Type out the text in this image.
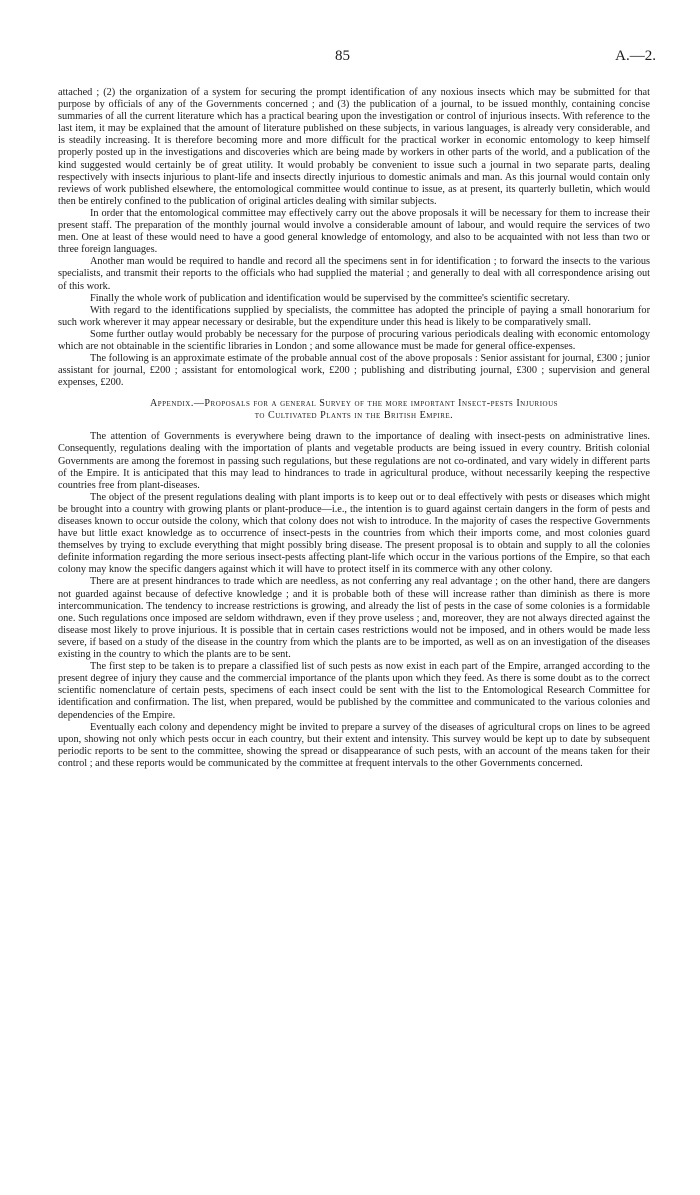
85	A.—2.

attached ; (2) the organization of a system for securing the prompt identification of any noxious insects which may be submitted for that purpose by officials of any of the Governments concerned ; and (3) the publication of a journal, to be issued monthly, containing concise summaries of all the current literature which has a practical bearing upon the investigation or control of injurious insects. With reference to the last item, it may be explained that the amount of literature published on these subjects, in various languages, is already very considerable, and is steadily increasing. It is therefore becoming more and more difficult for the practical worker in economic entomology to keep himself properly posted up in the investigations and discoveries which are being made by workers in other parts of the world, and a publication of the kind suggested would certainly be of great utility. It would probably be convenient to issue such a journal in two separate parts, dealing respectively with insects injurious to plant-life and insects directly injurious to domestic animals and man. As this journal would contain only reviews of work published elsewhere, the entomological committee would continue to issue, as at present, its quarterly bulletin, which would then be entirely confined to the publication of original articles dealing with similar subjects.

In order that the entomological committee may effectively carry out the above proposals it will be necessary for them to increase their present staff. The preparation of the monthly journal would involve a considerable amount of labour, and would require the services of two men. One at least of these would need to have a good general knowledge of entomology, and also to be acquainted with not less than two or three foreign languages.

Another man would be required to handle and record all the specimens sent in for identification ; to forward the insects to the various specialists, and transmit their reports to the officials who had supplied the material ; and generally to deal with all correspondence arising out of this work.

Finally the whole work of publication and identification would be supervised by the committee's scientific secretary.

With regard to the identifications supplied by specialists, the committee has adopted the principle of paying a small honorarium for such work wherever it may appear necessary or desirable, but the expenditure under this head is likely to be comparatively small.

Some further outlay would probably be necessary for the purpose of procuring various periodicals dealing with economic entomology which are not obtainable in the scientific libraries in London ; and some allowance must be made for general office-expenses.

The following is an approximate estimate of the probable annual cost of the above proposals : Senior assistant for journal, £300 ; junior assistant for journal, £200 ; assistant for entomological work, £200 ; publishing and distributing journal, £300 ; supervision and general expenses, £200.

Appendix.—Proposals for a general Survey of the more important Insect-pests Injurious
to Cultivated Plants in the British Empire.

The attention of Governments is everywhere being drawn to the importance of dealing with insect-pests on administrative lines. Consequently, regulations dealing with the importation of plants and vegetable products are being issued in every country. British colonial Governments are among the foremost in passing such regulations, but these regulations are not co-ordinated, and vary widely in different parts of the Empire. It is anticipated that this may lead to hindrances to trade in agricultural produce, without necessarily keeping the respective countries free from plant-diseases.

The object of the present regulations dealing with plant imports is to keep out or to deal effectively with pests or diseases which might be brought into a country with growing plants or plant-produce—i.e., the intention is to guard against certain dangers in the form of pests and diseases known to occur outside the colony, which that colony does not wish to introduce. In the majority of cases the respective Governments have but little exact knowledge as to occurrence of insect-pests in the countries from which their imports come, and most colonies guard themselves by trying to exclude everything that might possibly bring disease. The present proposal is to obtain and supply to all the colonies definite information regarding the more serious insect-pests affecting plant-life which occur in the various portions of the Empire, so that each colony may know the specific dangers against which it will have to protect itself in its commerce with any other colony.

There are at present hindrances to trade which are needless, as not conferring any real advantage ; on the other hand, there are dangers not guarded against because of defective knowledge ; and it is probable both of these will increase rather than diminish as there is more intercommunication. The tendency to increase restrictions is growing, and already the list of pests in the case of some colonies is a formidable one. Such regulations once imposed are seldom withdrawn, even if they prove useless ; and, moreover, they are not always directed against the disease most likely to prove injurious. It is possible that in certain cases restrictions would not be imposed, and in others would be made less severe, if based on a study of the disease in the country from which the plants are to be imported, as well as on an investigation of the diseases existing in the country to which the plants are to be sent.

The first step to be taken is to prepare a classified list of such pests as now exist in each part of the Empire, arranged according to the present degree of injury they cause and the commercial importance of the plants upon which they feed. As there is some doubt as to the correct scientific nomenclature of certain pests, specimens of each insect could be sent with the list to the Entomological Research Committee for identification and confirmation. The list, when prepared, would be published by the committee and communicated to the various colonies and dependencies of the Empire.

Eventually each colony and dependency might be invited to prepare a survey of the diseases of agricultural crops on lines to be agreed upon, showing not only which pests occur in each country, but their extent and intensity. This survey would be kept up to date by subsequent periodic reports to be sent to the committee, showing the spread or disappearance of such pests, with an account of the means taken for their control ; and these reports would be communicated by the committee at frequent intervals to the other Governments concerned.
